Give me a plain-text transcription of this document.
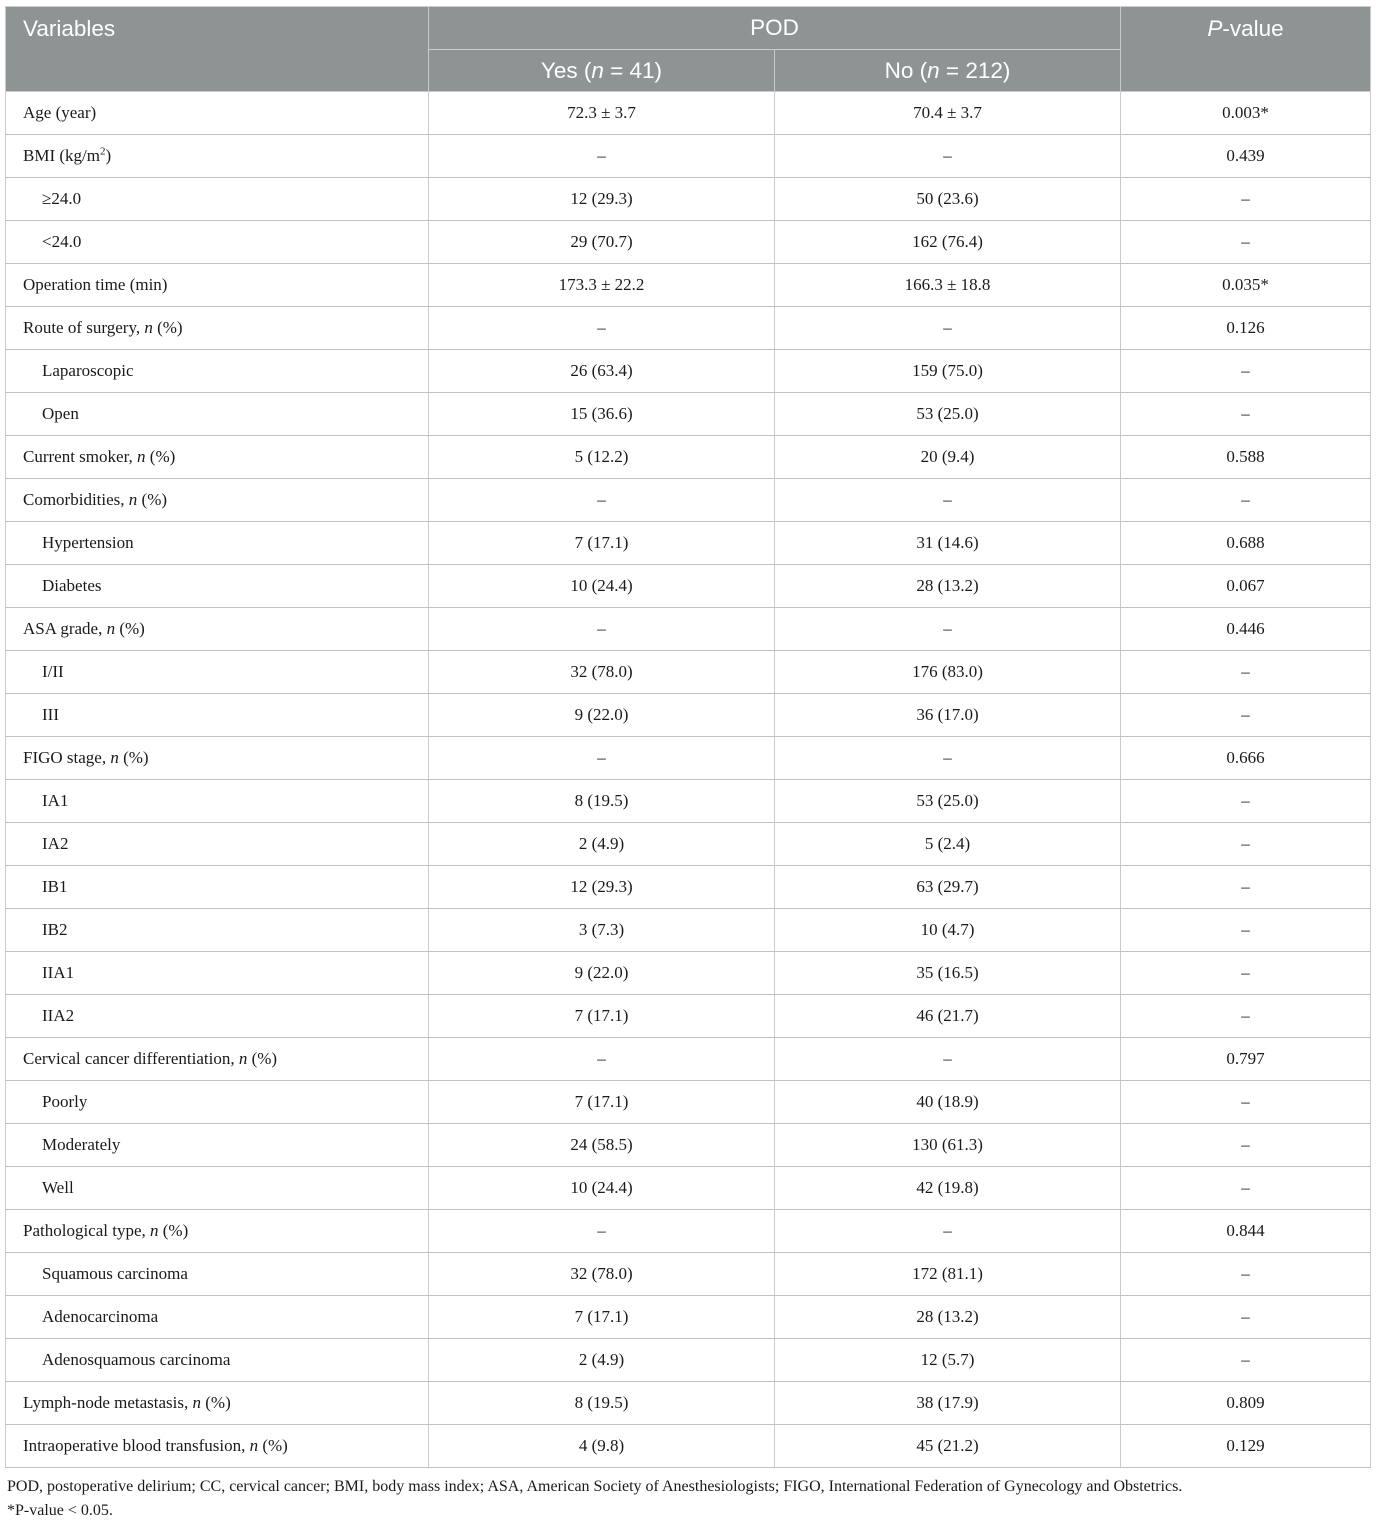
Variables	POD		P-value
	Yes (n = 41)	No (n = 212)	
Age (year)	72.3 ± 3.7	70.4 ± 3.7	0.003*
BMI $(kg/m^2)$	–	–	0.439
≥24.0	12 (29.3)	50 (23.6)	–
<24.0	29 (70.7)	162 (76.4)	–
Operation time (min)	173.3 ± 22.2	166.3 ± 18.8	0.035*
Route of surgery, n (%)	–	–	0.126
Laparoscopic	26 (63.4)	159 (75.0)	–
Open	15 (36.6)	53 (25.0)	–
Current smoker, n (%)	5 (12.2)	20 (9.4)	0.588
Comorbidities, n (%)	–	–	–
Hypertension	7 (17.1)	31 (14.6)	0.688
Diabetes	10 (24.4)	28 (13.2)	0.067
ASA grade, n (%)	–	–	0.446
I/II	32 (78.0)	176 (83.0)	–
III	9 (22.0)	36 (17.0)	–
FIGO stage, n (%)	–	–	0.666
IA1	8 (19.5)	53 (25.0)	–
IA2	2 (4.9)	5 (2.4)	–
IB1	12 (29.3)	63 (29.7)	–
IB2	3 (7.3)	10 (4.7)	–
IIA1	9 (22.0)	35 (16.5)	–
IIA2	7 (17.1)	46 (21.7)	–
Cervical cancer differentiation, n (%)	–	–	0.797
Poorly	7 (17.1)	40 (18.9)	–
Moderately	24 (58.5)	130 (61.3)	–
Well	10 (24.4)	42 (19.8)	–
Pathological type, n (%)	–	–	0.844
Squamous carcinoma	32 (78.0)	172 (81.1)	–
Adenocarcinoma	7 (17.1)	28 (13.2)	–
Adenosquamous carcinoma	2 (4.9)	12 (5.7)	–
Lymph-node metastasis, n (%)	8 (19.5)	38 (17.9)	0.809
Intraoperative blood transfusion, n (%)	4 (9.8)	45 (21.2)	0.129
POD, postoperative delirium; CC, cervical cancer; BMI, body mass index; ASA, American Society of Anesthesiologists; FIGO, International Federation of Gynecology and Obstetrics.
*P-value < 0.05.
